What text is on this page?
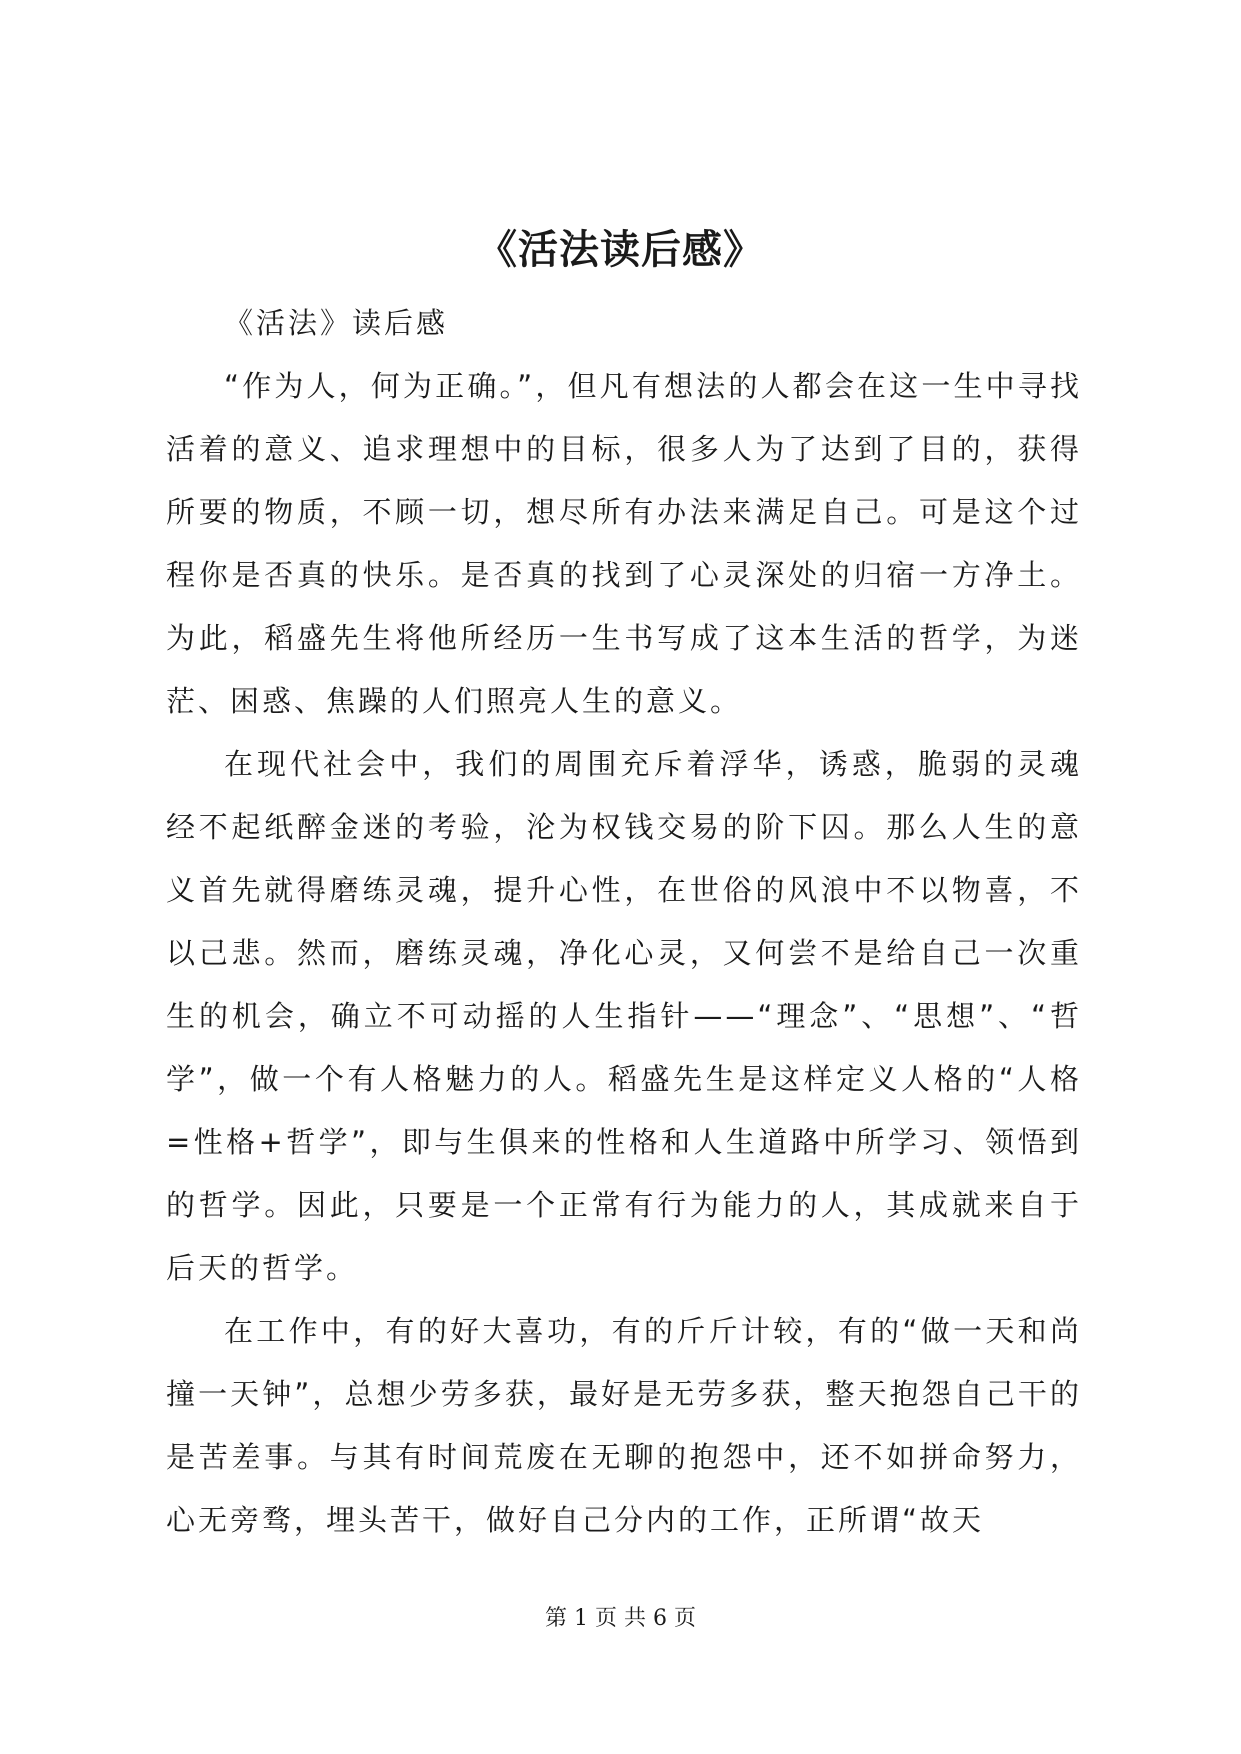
《活法读后感》

《活法》读后感

“作为人，何为正确。”，但凡有想法的人都会在这一生中寻找活着的意义、追求理想中的目标，很多人为了达到了目的，获得所要的物质，不顾一切，想尽所有办法来满足自己。可是这个过程你是否真的快乐。是否真的找到了心灵深处的归宿一方净土。为此，稻盛先生将他所经历一生书写成了这本生活的哲学，为迷茫、困惑、焦躁的人们照亮人生的意义。

在现代社会中，我们的周围充斥着浮华，诱惑，脆弱的灵魂经不起纸醉金迷的考验，沦为权钱交易的阶下囚。那么人生的意义首先就得磨练灵魂，提升心性，在世俗的风浪中不以物喜，不以己悲。然而，磨练灵魂，净化心灵，又何尝不是给自己一次重生的机会，确立不可动摇的人生指针——“理念”、“思想”、“哲学”，做一个有人格魅力的人。稻盛先生是这样定义人格的“人格=性格+哲学”，即与生俱来的性格和人生道路中所学习、领悟到的哲学。因此，只要是一个正常有行为能力的人，其成就来自于后天的哲学。

在工作中，有的好大喜功，有的斤斤计较，有的“做一天和尚撞一天钟”，总想少劳多获，最好是无劳多获，整天抱怨自己干的是苦差事。与其有时间荒废在无聊的抱怨中，还不如拼命努力，心无旁骛，埋头苦干，做好自己分内的工作，正所谓“故天

第 1 页 共 6 页
